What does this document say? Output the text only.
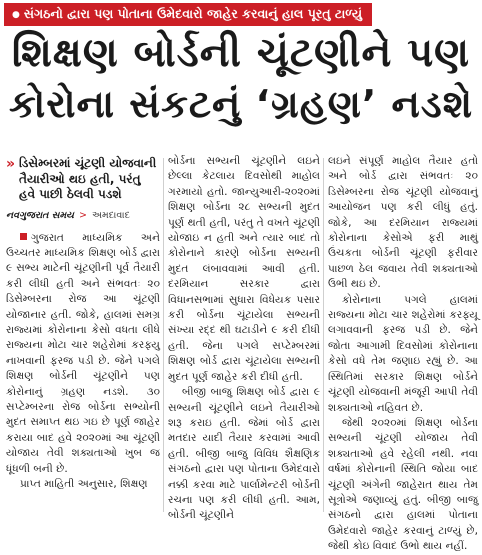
● સંગઠનો દ્વારા પણ પોતાના ઉમેદવારો જાહેર કરવાનું હાલ પૂરતુ ટાળ્યું
શિક્ષણ બોર્ડની ચૂંટણીને પણ
કોરોના સંકટનું ‘ગ્રહણ’ નડશે
» ડિસેમ્બરમાં ચૂંટણી યોજવાની તૈયારીઓ થઇ હતી, પરંતુ હવે પાછી ઠેલવી પડશે
નવગુજરાત સમય > અમદાવાદ

ગુજરાત માધ્યમિક અને ઉચ્ચતર માધ્યમિક શિક્ષણ બોર્ડ દ્વારા ૯ સભ્ય માટેની ચૂંટણીની પૂર્વ તૈયારી કરી લીધી હતી અને સંભવતઃ ૨૦ ડિસેમ્બરના રોજ આ ચૂંટણી યોજાનાર હતી. જોકે, હાલમાં સમગ્ર રાજ્યમાં કોરોનાના કેસો વધતા લીધે રાજ્યના મોટા ચાર શહેરોમાં કરફ્યુ નાખવાની ફરજ પડી છે. જેને પગલે શિક્ષણ બોર્ડની ચૂંટણીને પણ કોરોનાનું ગ્રહણ નડશે. ૩૦ સપ્ટેમ્બરના રોજ બોર્ડના સભ્યોની મુદત સમાપ્ત થઇ ગઇ છે પૂર્ણ જાહેર કરાયા બાદ હવે ૨૦૨૦માં આ ચૂંટણી યોજાય તેવી શક્યતાઓ ખુબ જ ધૂંધળી બની છે.

પ્રાપ્ત માહિતી અનુસાર, શિક્ષણ

બોર્ડના સભ્યની ચૂંટણીને લઇને છેલ્લા કેટલાય દિવસોથી માહોલ ગરમાયો હતો. જાન્યુઆરી-૨૦૨૦માં શિક્ષણ બોર્ડના ૨૮ સભ્યની મુદત પૂર્ણ થતી હતી, પરંતુ તે વખતે ચૂંટણી યોજાઇ ન હતી અને ત્યાર બાદ તો કોરોનાને કારણે બોર્ડના સભ્યની મુદત લંબાવવામાં આવી હતી. દરમિયાન સરકાર દ્વારા વિધાનસભામાં સુધારા વિધેયક પસાર કરી બોર્ડના ચૂંટાયેલા સભ્યની સંખ્યા રદ્દ થી ઘટાડીને ૯ કરી દીધી હતી. જેના પગલે સપ્ટેમ્બરમાં શિક્ષણ બોર્ડ દ્વારા ચૂંટાયેલા સભ્યની મુદત પૂર્ણ જાહેર કરી દીધી હતી.

બીજી બાજુ શિક્ષણ બોર્ડ દ્વારા ૯ સભ્યની ચૂંટણીને લઇને તૈયારીઓ શરૂ કરાઇ હતી. જેમાં બોર્ડ દ્વારા મતદાર યાદી તૈયાર કરવામાં આવી હતી. બીજી બાજુ વિવિધ શૈક્ષણિક સંગઠનો દ્વારા પણ પોતાના ઉમેદવારો નક્કી કરવા માટે પાર્લામેન્ટરી બોર્ડની રચના પણ કરી લીધી હતી. આમ, બોર્ડની ચૂંટણીને

લઇને સંપૂર્ણ માહોલ તૈયાર હતો અને બોર્ડ દ્વારા સંભવતઃ ૨૦ ડિસેમ્બરના રોજ ચૂંટણી યોજવાનું આયોજન પણ કરી લીધું હતું. જોકે, આ દરમિયાન રાજ્યમાં કોરોનાના કેસોએ ફરી માથું ઉંચકતા બોર્ડની ચૂંટણી ફરીવાર પાછળ ઠેલ જવાય તેવી શક્યતાઓ ઉભી થઇ છે.

કોરોનાના પગલે હાલમાં રાજ્યના મોટા ચાર શહેરોમાં કરફ્યૂ લગાવવાની ફરજ પડી છે. જેને જોતા આગામી દિવસોમાં કોરોનાના કેસો વધે તેમ જણાઇ રહ્યું છે. આ સ્થિતિમાં સરકાર શિક્ષણ બોર્ડને ચૂંટણી યોજવાની મંજૂરી આપી તેવી શક્યતાઓ નહિવત છે.

જેથી ૨૦૨૦માં શિક્ષણ બોર્ડના સભ્યની ચૂંટણી યોજાય તેવી શક્યતાઓ હવે રહેલી નથી. નવા વર્ષમાં કોરોનાની સ્થિતિ જોયા બાદ ચૂંટણી અંગેની જાહેરાત થાય તેમ સૂત્રોએ જણાવ્યું હતું. બીજી બાજુ સંગઠનો દ્વારા હાલમાં પોતાના ઉમેદવારો જાહેર કરવાનું ટાળ્યું છે, જેથી કોઇ વિવાદ ઉભો થાય નહીં.
